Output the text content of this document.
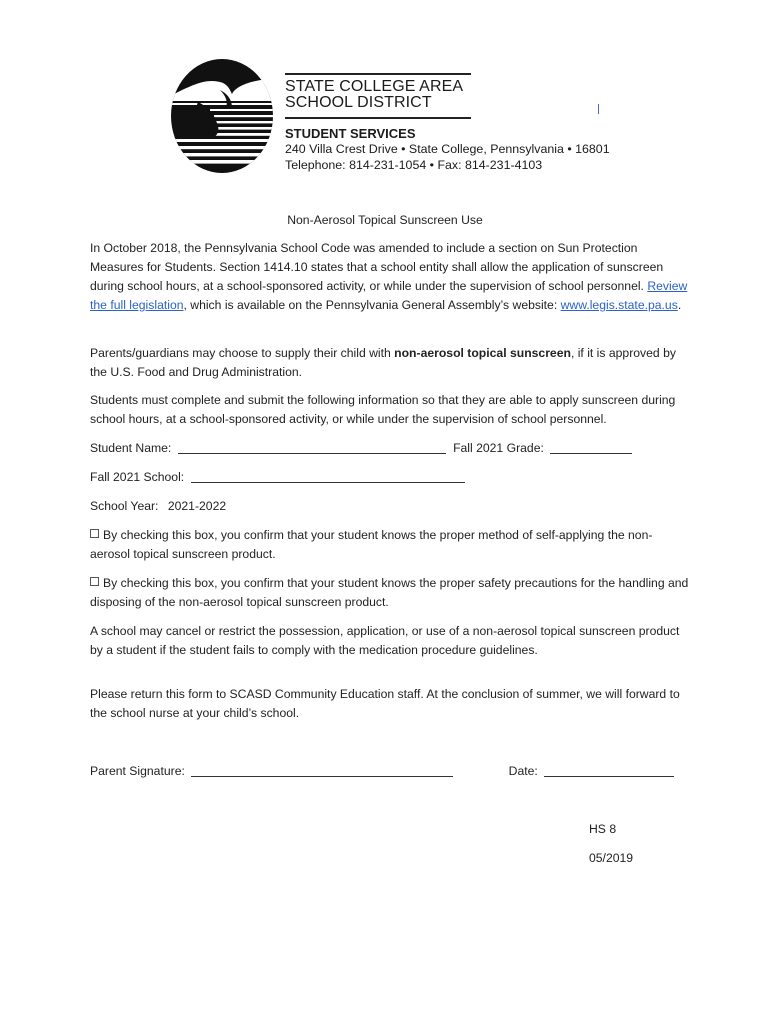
STATE COLLEGE AREA
SCHOOL DISTRICT
STUDENT SERVICES
240 Villa Crest Drive • State College, Pennsylvania • 16801
Telephone: 814-231-1054 • Fax: 814-231-4103
Non-Aerosol Topical Sunscreen Use

In October 2018, the Pennsylvania School Code was amended to include a section on Sun Protection Measures for Students. Section 1414.10 states that a school entity shall allow the application of sunscreen during school hours, at a school-sponsored activity, or while under the supervision of school personnel. Review the full legislation, which is available on the Pennsylvania General Assembly’s website: www.legis.state.pa.us.

Parents/guardians may choose to supply their child with non-aerosol topical sunscreen, if it is approved by the U.S. Food and Drug Administration.

Students must complete and submit the following information so that they are able to apply sunscreen during school hours, at a school-sponsored activity, or while under the supervision of school personnel.

Student Name:	Fall 2021 Grade:
Fall 2021 School:
School Year: 2021-2022

By checking this box, you confirm that your student knows the proper method of self-applying the non-aerosol topical sunscreen product.

By checking this box, you confirm that your student knows the proper safety precautions for the handling and disposing of the non-aerosol topical sunscreen product.

A school may cancel or restrict the possession, application, or use of a non-aerosol topical sunscreen product by a student if the student fails to comply with the medication procedure guidelines.

Please return this form to SCASD Community Education staff. At the conclusion of summer, we will forward to the school nurse at your child’s school.

Parent Signature:	Date:
HS 8
05/2019
